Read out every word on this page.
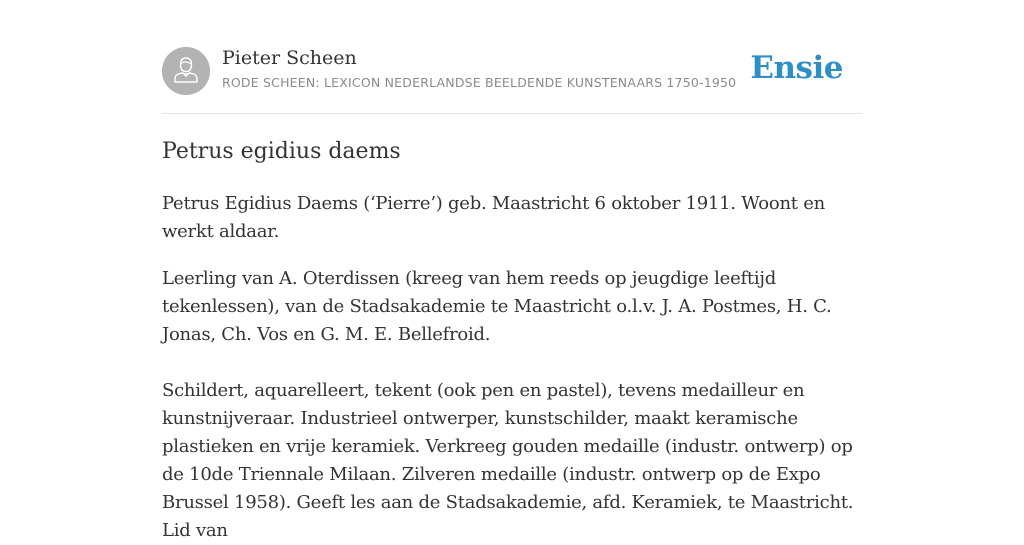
Pieter Scheen
RODE SCHEEN: LEXICON NEDERLANDSE BEELDENDE KUNSTENAARS 1750-1950 Ensie
Petrus egidius daems

Petrus Egidius Daems (‘Pierre’) geb. Maastricht 6 oktober 1911. Woont en werkt aldaar.

Leerling van A. Oterdissen (kreeg van hem reeds op jeugdige leeftijd tekenlessen), van de Stadsakademie te Maastricht o.l.v. J. A. Postmes, H. C. Jonas, Ch. Vos en G. M. E. Bellefroid.

Schildert, aquarelleert, tekent (ook pen en pastel), tevens medailleur en kunstnijveraar. Industrieel ontwerper, kunstschilder, maakt keramische plastieken en vrije keramiek. Verkreeg gouden medaille (industr. ontwerp) op de 10de Triennale Milaan. Zilveren medaille (industr. ontwerp op de Expo Brussel 1958). Geeft les aan de Stadsakademie, afd. Keramiek, te Maastricht. Lid van
